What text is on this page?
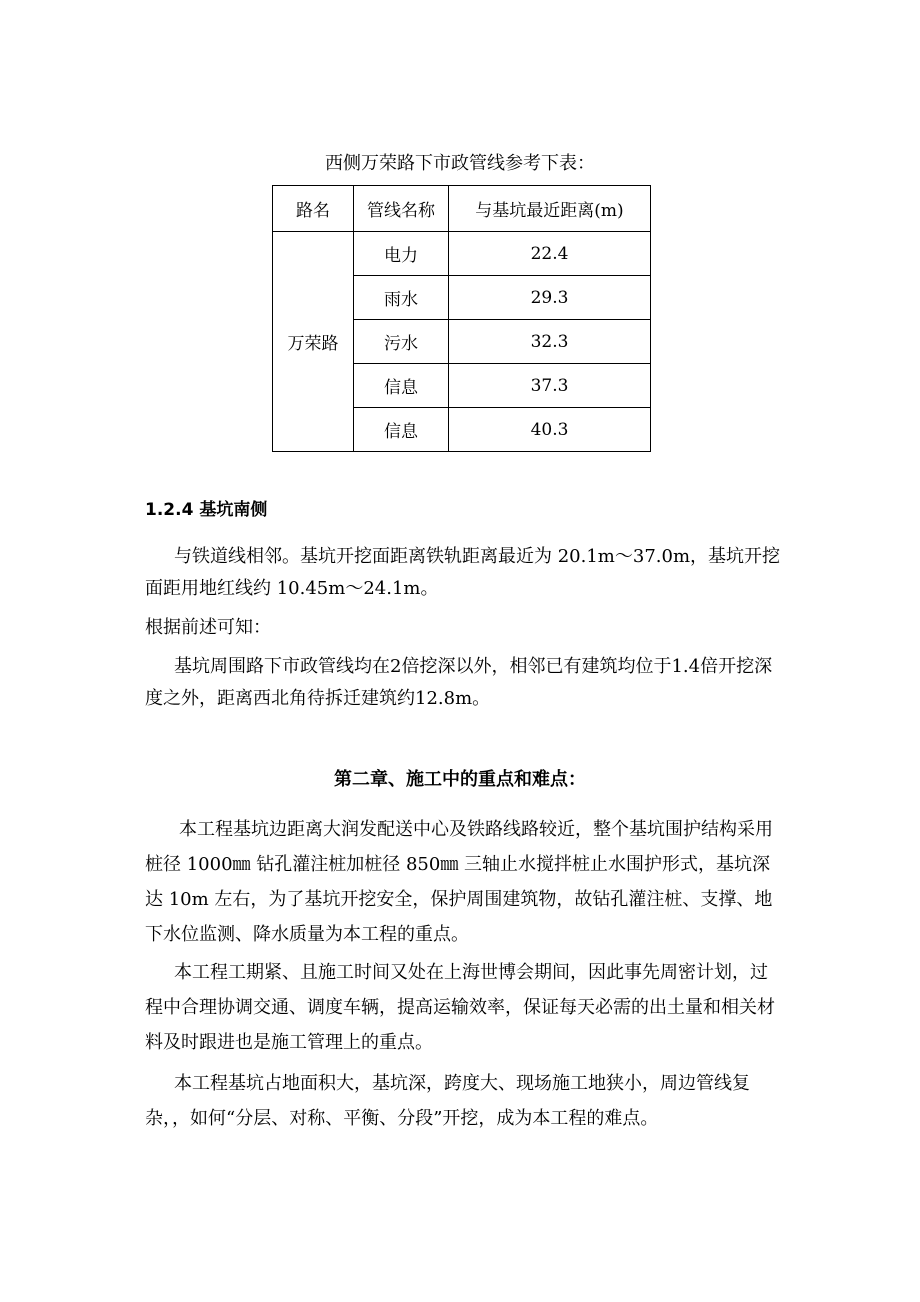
西侧万荣路下市政管线参考下表：
路名	管线名称	与基坑最近距离(m)
万荣路	电力	22.4
	雨水	29.3
	污水	32.3
	信息	37.3
	信息	40.3
1.2.4 基坑南侧
与铁道线相邻。基坑开挖面距离铁轨距离最近为 20.1m～37.0m，基坑开挖面距用地红线约 10.45m～24.1m。
根据前述可知：
基坑周围路下市政管线均在2倍挖深以外，相邻已有建筑均位于1.4倍开挖深度之外，距离西北角待拆迁建筑约12.8m。
第二章、施工中的重点和难点：
本工程基坑边距离大润发配送中心及铁路线路较近，整个基坑围护结构采用桩径 1000㎜ 钻孔灌注桩加桩径 850㎜ 三轴止水搅拌桩止水围护形式，基坑深达 10m 左右，为了基坑开挖安全，保护周围建筑物，故钻孔灌注桩、支撑、地下水位监测、降水质量为本工程的重点。
本工程工期紧、且施工时间又处在上海世博会期间，因此事先周密计划，过程中合理协调交通、调度车辆，提高运输效率，保证每天必需的出土量和相关材料及时跟进也是施工管理上的重点。
本工程基坑占地面积大，基坑深，跨度大、现场施工地狭小，周边管线复杂，，如何“分层、对称、平衡、分段”开挖，成为本工程的难点。
